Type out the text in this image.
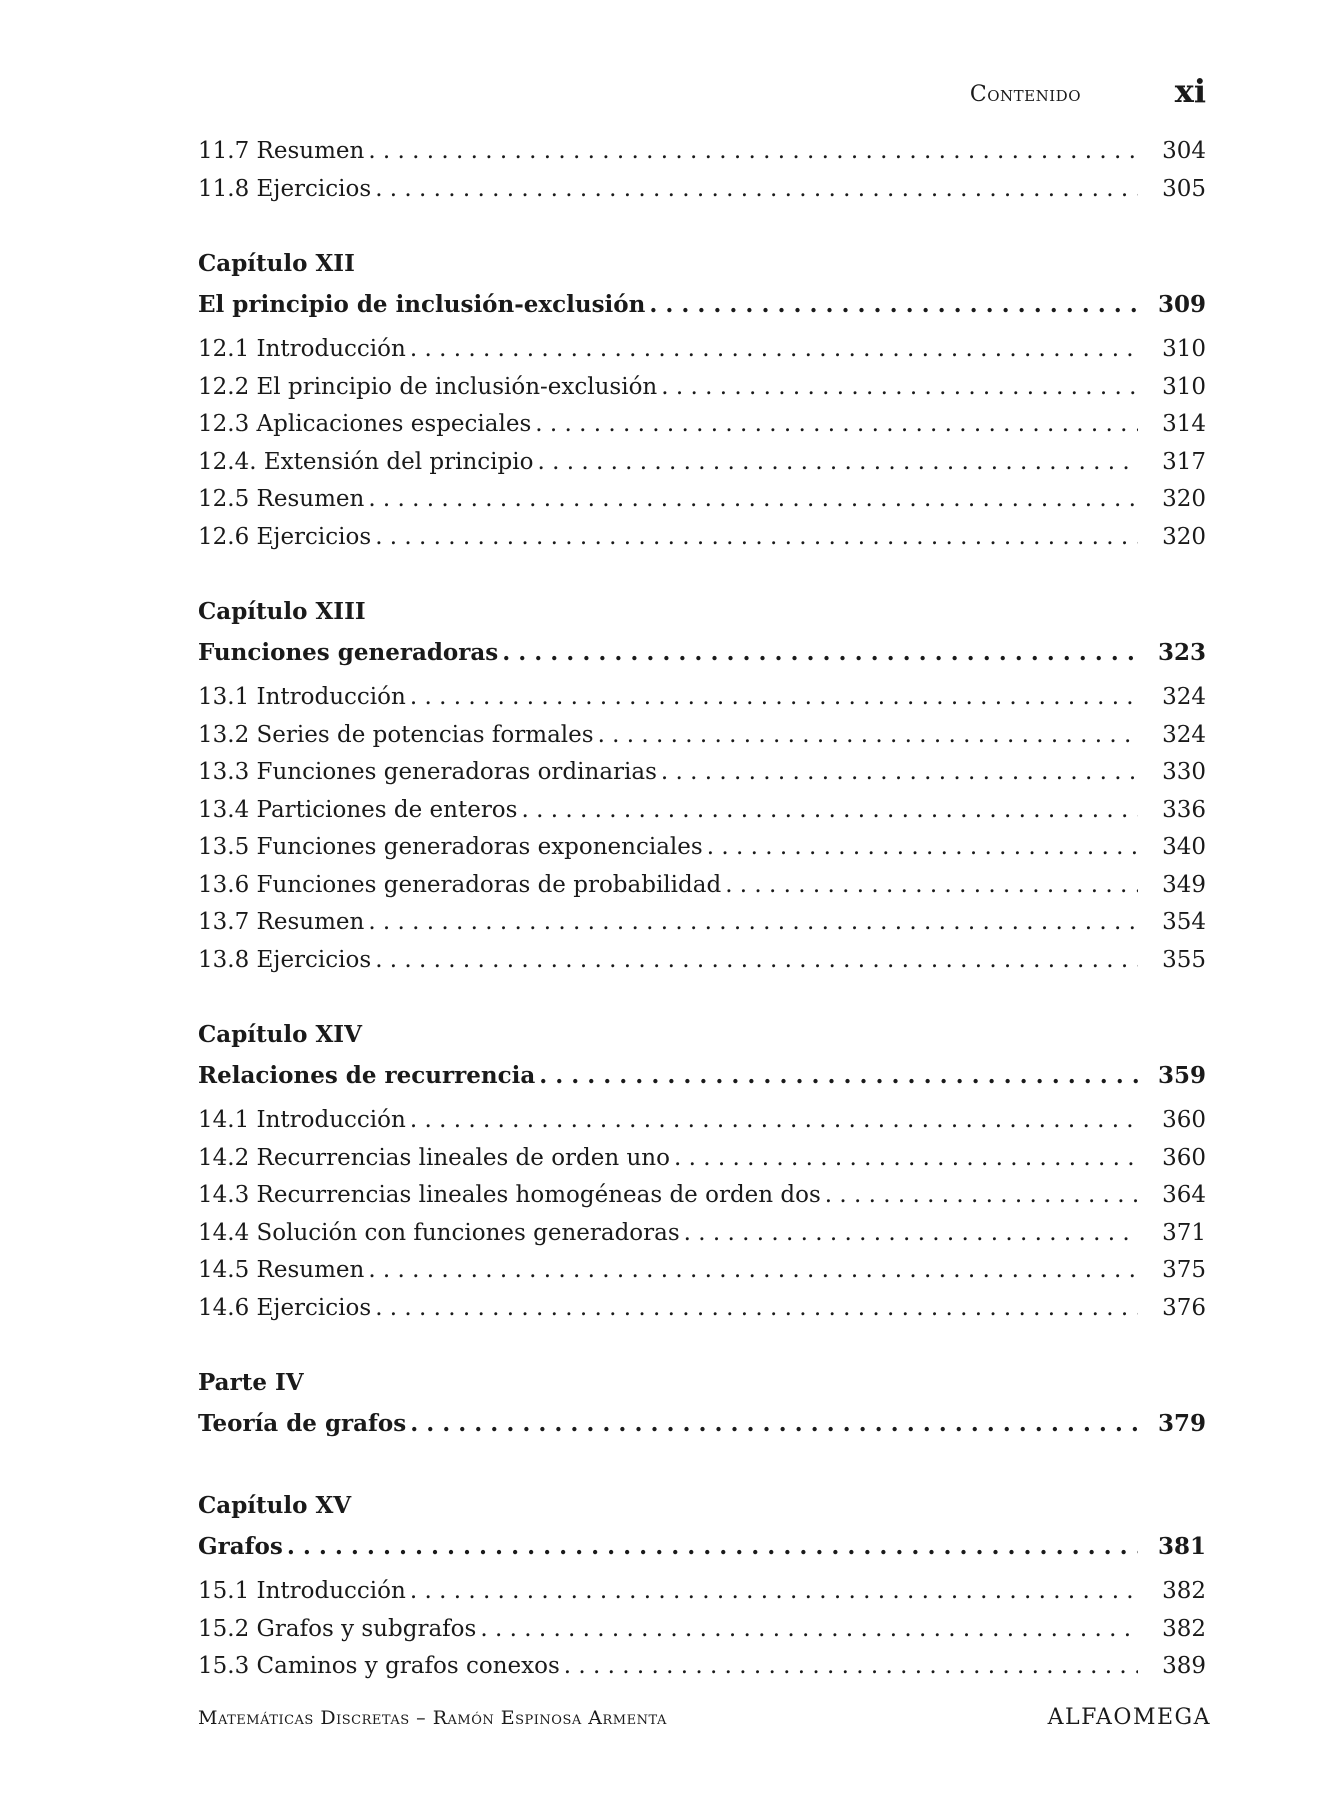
Contenido	xi
11.7 Resumen . . .	304
11.8 Ejercicios . . .	305
Capítulo XII
El principio de inclusión-exclusión . . .	309
12.1 Introducción . . .	310
12.2 El principio de inclusión-exclusión . . .	310
12.3 Aplicaciones especiales . . .	314
12.4. Extensión del principio . . .	317
12.5 Resumen . . .	320
12.6 Ejercicios . . .	320
Capítulo XIII
Funciones generadoras . . .	323
13.1 Introducción . . .	324
13.2 Series de potencias formales . . .	324
13.3 Funciones generadoras ordinarias . . .	330
13.4 Particiones de enteros . . .	336
13.5 Funciones generadoras exponenciales . . .	340
13.6 Funciones generadoras de probabilidad . . .	349
13.7 Resumen . . .	354
13.8 Ejercicios . . .	355
Capítulo XIV
Relaciones de recurrencia . . .	359
14.1 Introducción . . .	360
14.2 Recurrencias lineales de orden uno . . .	360
14.3 Recurrencias lineales homogéneas de orden dos . . .	364
14.4 Solución con funciones generadoras . . .	371
14.5 Resumen . . .	375
14.6 Ejercicios . . .	376
Parte IV
Teoría de grafos . . .	379
Capítulo XV
Grafos . . .	381
15.1 Introducción . . .	382
15.2 Grafos y subgrafos . . .	382
15.3 Caminos y grafos conexos . . .	389
Matemáticas Discretas – Ramón Espinosa Armenta	ALFAOMEGA
